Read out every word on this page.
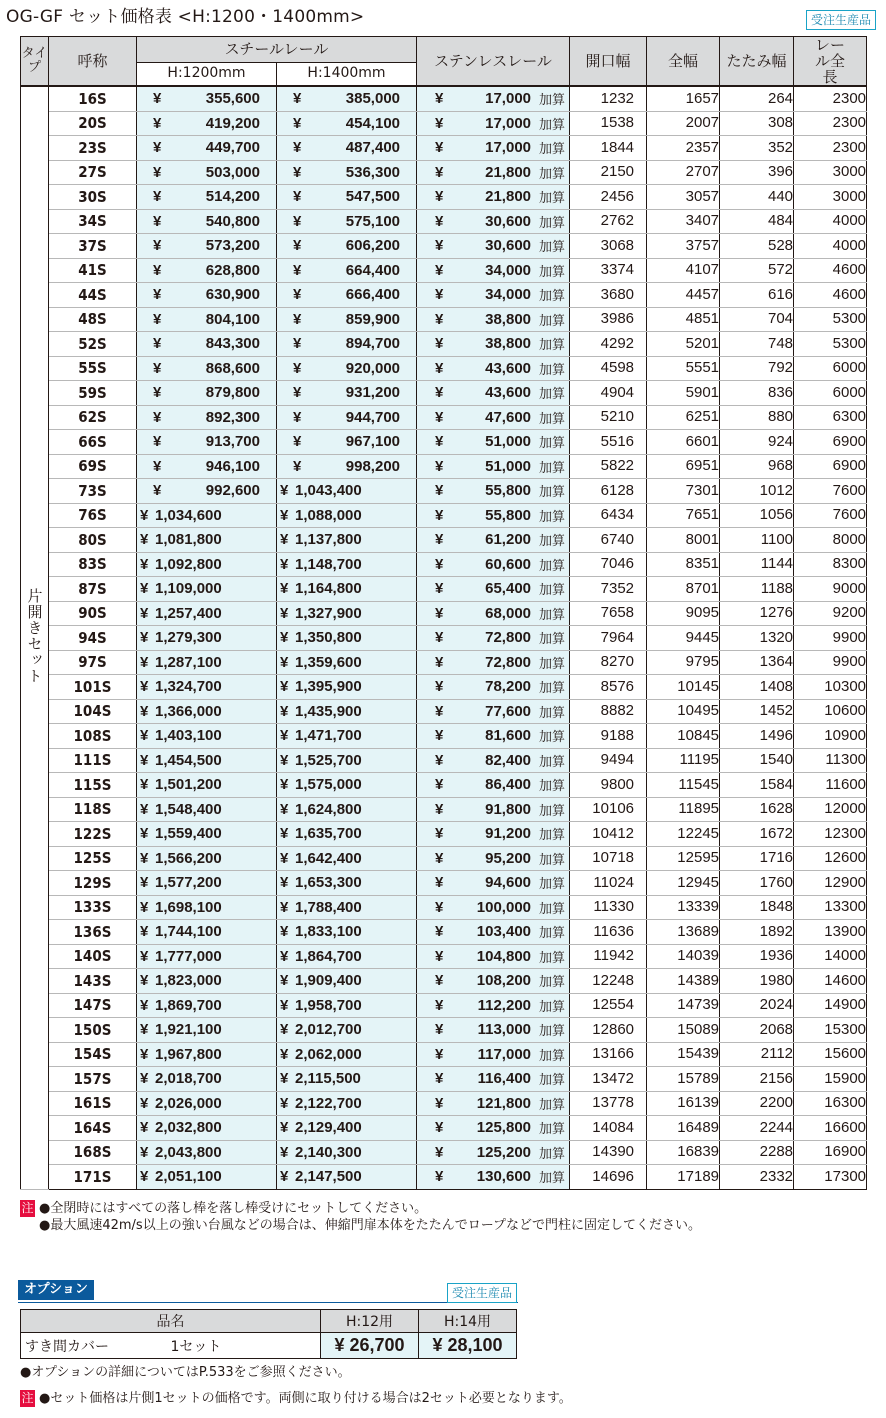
OG-GF セット価格表 <H:1200・1400mm>	受注生産品
タイプ	呼称	スチールレール		ステンレスレール	開口幅	全幅	たたみ幅	レール全長
		H:1200mm	H:1400mm					
片開きセット	16S	¥ 355,600	¥ 385,000	¥ 17,000 加算	1232	1657	264	2300
	20S	¥ 419,200	¥ 454,100	¥ 17,000 加算	1538	2007	308	2300
	23S	¥ 449,700	¥ 487,400	¥ 17,000 加算	1844	2357	352	2300
	27S	¥ 503,000	¥ 536,300	¥ 21,800 加算	2150	2707	396	3000
	30S	¥ 514,200	¥ 547,500	¥ 21,800 加算	2456	3057	440	3000
	34S	¥ 540,800	¥ 575,100	¥ 30,600 加算	2762	3407	484	4000
	37S	¥ 573,200	¥ 606,200	¥ 30,600 加算	3068	3757	528	4000
	41S	¥ 628,800	¥ 664,400	¥ 34,000 加算	3374	4107	572	4600
	44S	¥ 630,900	¥ 666,400	¥ 34,000 加算	3680	4457	616	4600
	48S	¥ 804,100	¥ 859,900	¥ 38,800 加算	3986	4851	704	5300
	52S	¥ 843,300	¥ 894,700	¥ 38,800 加算	4292	5201	748	5300
	55S	¥ 868,600	¥ 920,000	¥ 43,600 加算	4598	5551	792	6000
	59S	¥ 879,800	¥ 931,200	¥ 43,600 加算	4904	5901	836	6000
	62S	¥ 892,300	¥ 944,700	¥ 47,600 加算	5210	6251	880	6300
	66S	¥ 913,700	¥ 967,100	¥ 51,000 加算	5516	6601	924	6900
	69S	¥ 946,100	¥ 998,200	¥ 51,000 加算	5822	6951	968	6900
	73S	¥ 992,600	¥ 1,043,400	¥ 55,800 加算	6128	7301	1012	7600
	76S	¥ 1,034,600	¥ 1,088,000	¥ 55,800 加算	6434	7651	1056	7600
	80S	¥ 1,081,800	¥ 1,137,800	¥ 61,200 加算	6740	8001	1100	8000
	83S	¥ 1,092,800	¥ 1,148,700	¥ 60,600 加算	7046	8351	1144	8300
	87S	¥ 1,109,000	¥ 1,164,800	¥ 65,400 加算	7352	8701	1188	9000
	90S	¥ 1,257,400	¥ 1,327,900	¥ 68,000 加算	7658	9095	1276	9200
	94S	¥ 1,279,300	¥ 1,350,800	¥ 72,800 加算	7964	9445	1320	9900
	97S	¥ 1,287,100	¥ 1,359,600	¥ 72,800 加算	8270	9795	1364	9900
	101S	¥ 1,324,700	¥ 1,395,900	¥ 78,200 加算	8576	10145	1408	10300
	104S	¥ 1,366,000	¥ 1,435,900	¥ 77,600 加算	8882	10495	1452	10600
	108S	¥ 1,403,100	¥ 1,471,700	¥ 81,600 加算	9188	10845	1496	10900
	111S	¥ 1,454,500	¥ 1,525,700	¥ 82,400 加算	9494	11195	1540	11300
	115S	¥ 1,501,200	¥ 1,575,000	¥ 86,400 加算	9800	11545	1584	11600
	118S	¥ 1,548,400	¥ 1,624,800	¥ 91,800 加算	10106	11895	1628	12000
	122S	¥ 1,559,400	¥ 1,635,700	¥ 91,200 加算	10412	12245	1672	12300
	125S	¥ 1,566,200	¥ 1,642,400	¥ 95,200 加算	10718	12595	1716	12600
	129S	¥ 1,577,200	¥ 1,653,300	¥ 94,600 加算	11024	12945	1760	12900
	133S	¥ 1,698,100	¥ 1,788,400	¥ 100,000 加算	11330	13339	1848	13300
	136S	¥ 1,744,100	¥ 1,833,100	¥ 103,400 加算	11636	13689	1892	13900
	140S	¥ 1,777,000	¥ 1,864,700	¥ 104,800 加算	11942	14039	1936	14000
	143S	¥ 1,823,000	¥ 1,909,400	¥ 108,200 加算	12248	14389	1980	14600
	147S	¥ 1,869,700	¥ 1,958,700	¥ 112,200 加算	12554	14739	2024	14900
	150S	¥ 1,921,100	¥ 2,012,700	¥ 113,000 加算	12860	15089	2068	15300
	154S	¥ 1,967,800	¥ 2,062,000	¥ 117,000 加算	13166	15439	2112	15600
	157S	¥ 2,018,700	¥ 2,115,500	¥ 116,400 加算	13472	15789	2156	15900
	161S	¥ 2,026,000	¥ 2,122,700	¥ 121,800 加算	13778	16139	2200	16300
	164S	¥ 2,032,800	¥ 2,129,400	¥ 125,800 加算	14084	16489	2244	16600
	168S	¥ 2,043,800	¥ 2,140,300	¥ 125,200 加算	14390	16839	2288	16900
	171S	¥ 2,051,100	¥ 2,147,500	¥ 130,600 加算	14696	17189	2332	17300
注 ●全閉時にはすべての落し棒を落し棒受けにセットしてください。
●最大風速42m/s以上の強い台風などの場合は、伸縮門扉本体をたたんでロープなどで門柱に固定してください。
オプション	受注生産品
品名		H:12用	H:14用
すき間カバー	1セット	¥ 26,700	¥ 28,100
●オプションの詳細についてはP.533をご参照ください。
注 ●セット価格は片側1セットの価格です。両側に取り付ける場合は2セット必要となります。
